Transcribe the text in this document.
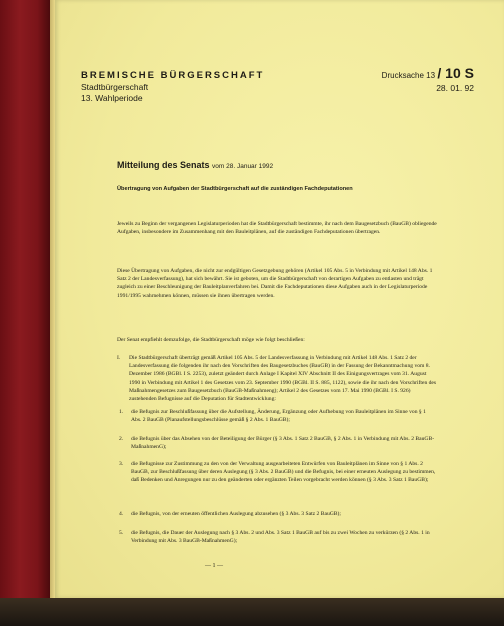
BREMISCHE BÜRGERSCHAFT
Stadtbürgerschaft
13. Wahlperiode
Drucksache 13 / 10 S
28. 01. 92
Mitteilung des Senats vom 28. Januar 1992
Übertragung von Aufgaben der Stadtbürgerschaft auf die zuständigen Fachdeputationen
Jeweils zu Beginn der vergangenen Legislaturperioden hat die Stadtbürgerschaft bestimmte, ihr nach dem Baugesetzbuch (BauGB) obliegende Aufgaben, insbesondere im Zusammenhang mit den Bauleitplänen, auf die zuständigen Fachdeputationen übertragen.
Diese Übertragung von Aufgaben, die nicht zur endgültigen Gesetzgebung gehören (Artikel 105 Abs. 5 in Verbindung mit Artikel 148 Abs. 1 Satz 2 der Landesverfassung), hat sich bewährt. Sie ist geboten, um die Stadtbürgerschaft von derartigen Aufgaben zu entlasten und trägt zugleich zu einer Beschleunigung der Bauleitplanverfahren bei. Damit die Fachdeputationen diese Aufgaben auch in der Legislaturperiode 1991/1995 wahrnehmen können, müssen sie ihnen übertragen werden.
Der Senat empfiehlt demzufolge, die Stadtbürgerschaft möge wie folgt beschließen:
I. Die Stadtbürgerschaft überträgt gemäß Artikel 105 Abs. 5 der Landesverfassung in Verbindung mit Artikel 148 Abs. 1 Satz 2 der Landesverfassung die folgenden ihr nach den Vorschriften des Baugesetzbuches (BauGB) in der Fassung der Bekanntmachung vom 8. Dezember 1986 (BGBl. I S. 2253), zuletzt geändert durch Anlage I Kapitel XIV Abschnitt II des Einigungsvertrages vom 31. August 1990 in Verbindung mit Artikel 1 des Gesetzes vom 23. September 1990 (BGBl. II S. 885, 1122), sowie die ihr nach den Vorschriften des Maßnahmengesetzes zum Baugesetzbuch (BauGB-Maßnahmeng); Artikel 2 des Gesetzes vom 17. Mai 1990 (BGBl. I S. 926) zustehenden Befugnisse auf die Deputation für Stadtentwicklung:
1. die Befugnis zur Beschlußfassung über die Aufstellung, Änderung, Ergänzung oder Aufhebung von Bauleitplänen im Sinne von § 1 Abs. 2 BauGB (Planaufstellungsbeschlüsse gemäß § 2 Abs. 1 BauGB);
2. die Befugnis über das Absehen von der Beteiligung der Bürger (§ 3 Abs. 1 Satz 2 BauGB, § 2 Abs. 1 in Verbindung mit Abs. 2 BauGB-MaßnahmenG);
3. die Befugnisse zur Zustimmung zu den von der Verwaltung ausgearbeiteten Entwürfen von Bauleitplänen im Sinne von § 1 Abs. 2 BauGB, zur Beschlußfassung über deren Auslegung (§ 3 Abs. 2 BauGB) und die Befugnis, bei einer erneuten Auslegung zu bestimmen, daß Bedenken und Anregungen nur zu den geänderten oder ergänzten Teilen vorgebracht werden können (§ 3 Abs. 3 Satz 1 BauGB);
4. die Befugnis, von der erneuten öffentlichen Auslegung abzusehen (§ 3 Abs. 3 Satz 2 BauGB);
5. die Befugnis, die Dauer der Auslegung nach § 3 Abs. 2 und Abs. 3 Satz 1 BauGB auf bis zu zwei Wochen zu verkürzen (§ 2 Abs. 1 in Verbindung mit Abs. 3 BauGB-MaßnahmenG);
— 1 —
